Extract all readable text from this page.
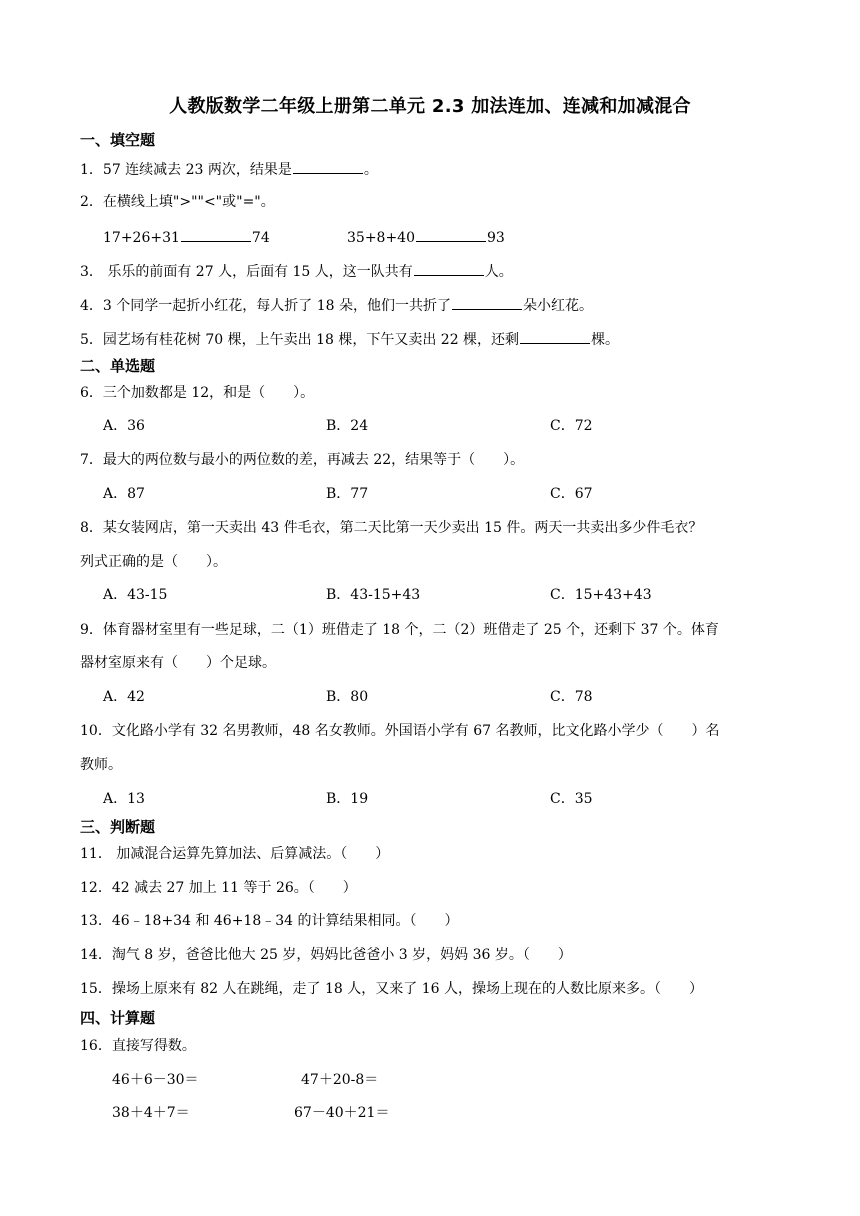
人教版数学二年级上册第二单元 2.3 加法连加、连减和加减混合
一、填空题
1．57 连续减去 23 两次，结果是	。
2．在横线上填">""<"或"="。
17+26+31	74	35+8+40	93
3． 乐乐的前面有 27 人，后面有 15 人，这一队共有	人。
4．3 个同学一起折小红花，每人折了 18 朵，他们一共折了	朵小红花。
5．园艺场有桂花树 70 棵，上午卖出 18 棵，下午又卖出 22 棵，还剩	棵。
二、单选题
6．三个加数都是 12，和是（　　）。
A．36	B．24	C．72
7．最大的两位数与最小的两位数的差，再减去 22，结果等于（　　）。
A．87	B．77	C．67
8．某女装网店，第一天卖出 43 件毛衣，第二天比第一天少卖出 15 件。两天一共卖出多少件毛衣？
列式正确的是（　　）。
A．43-15	B．43-15+43	C．15+43+43
9．体育器材室里有一些足球，二（1）班借走了 18 个，二（2）班借走了 25 个，还剩下 37 个。体育
器材室原来有（　　）个足球。
A．42	B．80	C．78
10．文化路小学有 32 名男教师，48 名女教师。外国语小学有 67 名教师，比文化路小学少（　　）名
教师。
A．13	B．19	C．35
三、判断题
11． 加减混合运算先算加法、后算减法。（　　）
12．42 减去 27 加上 11 等于 26。（　　）
13．46﹣18+34 和 46+18﹣34 的计算结果相同。（　　）
14．淘气 8 岁，爸爸比他大 25 岁，妈妈比爸爸小 3 岁，妈妈 36 岁。（　　）
15．操场上原来有 82 人在跳绳，走了 18 人，又来了 16 人，操场上现在的人数比原来多。（　　）
四、计算题
16．直接写得数。
46＋6－30＝	47＋20-8＝
38＋4＋7＝	67－40＋21＝
